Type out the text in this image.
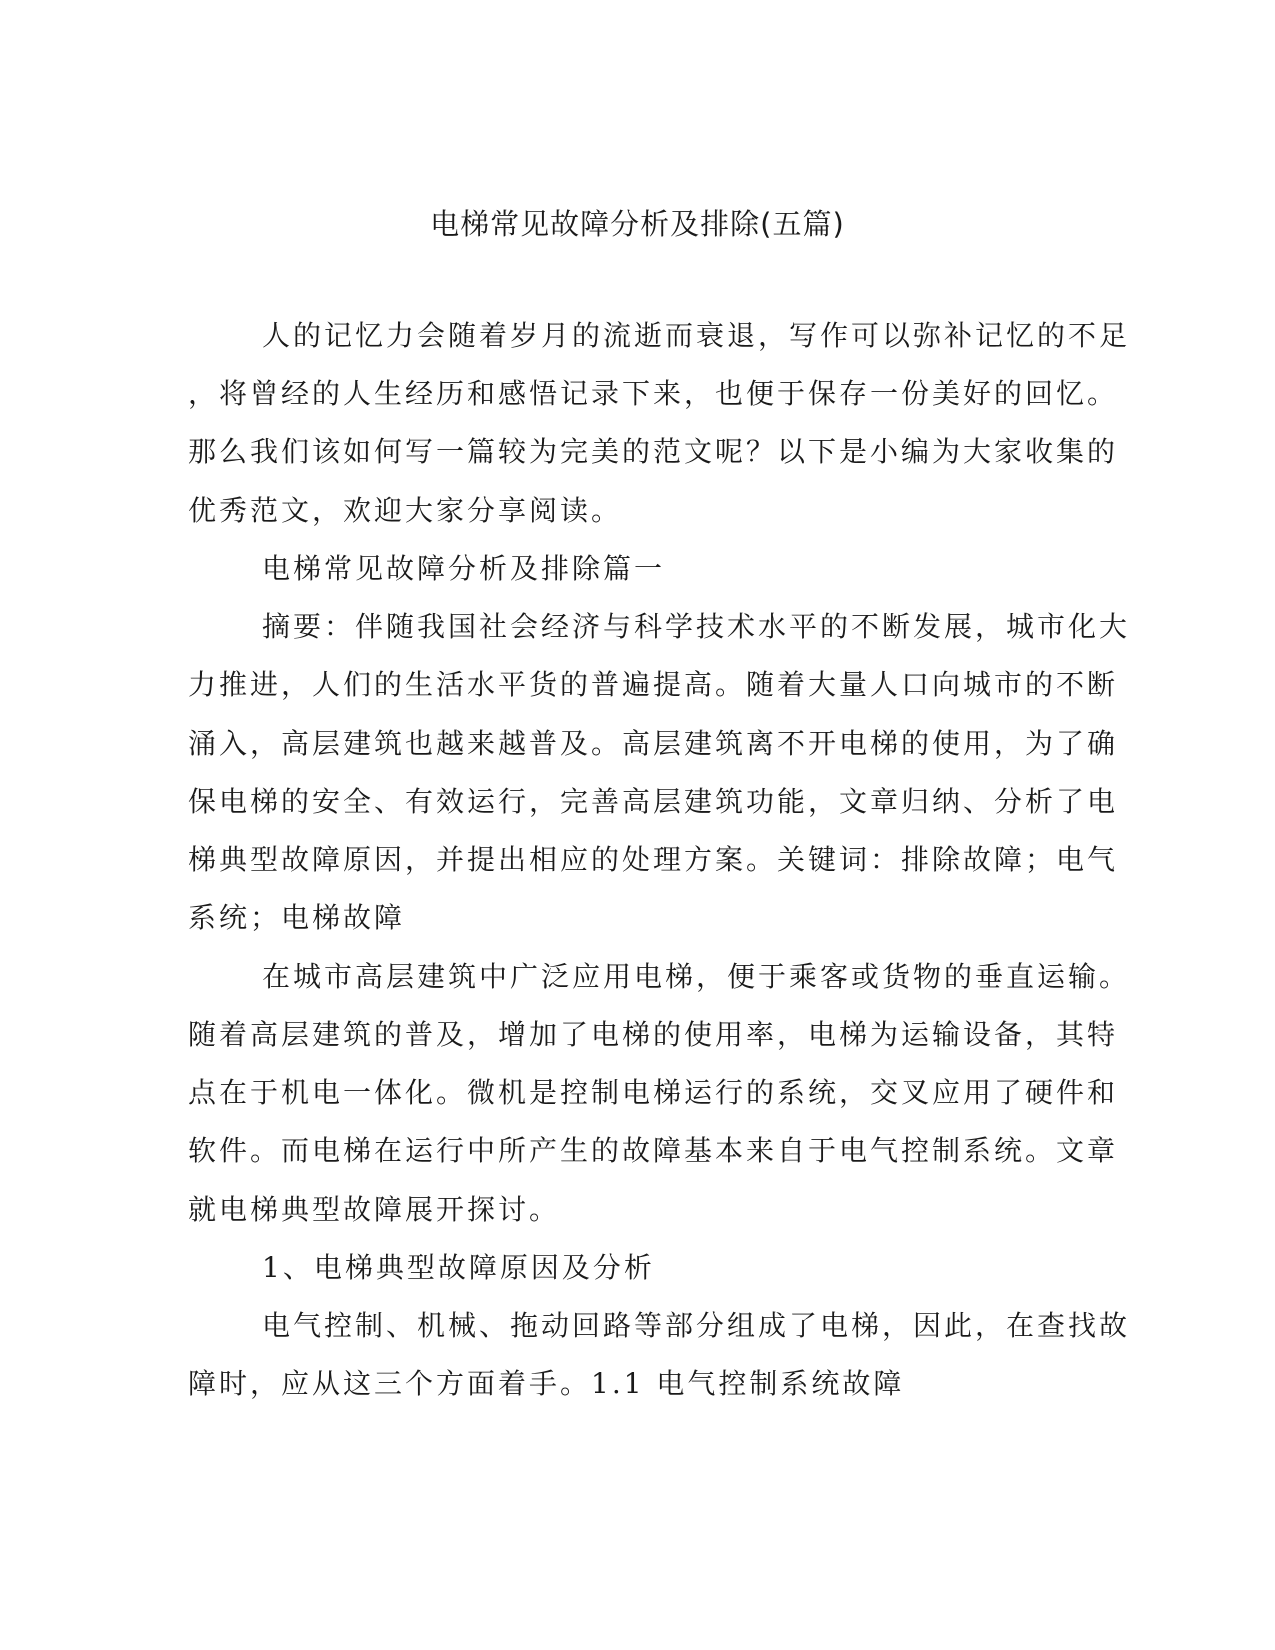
电梯常见故障分析及排除(五篇)
人的记忆力会随着岁月的流逝而衰退，写作可以弥补记忆的不足
，将曾经的人生经历和感悟记录下来，也便于保存一份美好的回忆。
那么我们该如何写一篇较为完美的范文呢？以下是小编为大家收集的
优秀范文，欢迎大家分享阅读。
电梯常见故障分析及排除篇一
摘要：伴随我国社会经济与科学技术水平的不断发展，城市化大
力推进，人们的生活水平货的普遍提高。随着大量人口向城市的不断
涌入，高层建筑也越来越普及。高层建筑离不开电梯的使用，为了确
保电梯的安全、有效运行，完善高层建筑功能，文章归纳、分析了电
梯典型故障原因，并提出相应的处理方案。关键词：排除故障；电气
系统；电梯故障
在城市高层建筑中广泛应用电梯，便于乘客或货物的垂直运输。
随着高层建筑的普及，增加了电梯的使用率，电梯为运输设备，其特
点在于机电一体化。微机是控制电梯运行的系统，交叉应用了硬件和
软件。而电梯在运行中所产生的故障基本来自于电气控制系统。文章
就电梯典型故障展开探讨。
1、电梯典型故障原因及分析
电气控制、机械、拖动回路等部分组成了电梯，因此，在查找故
障时，应从这三个方面着手。1.1 电气控制系统故障
